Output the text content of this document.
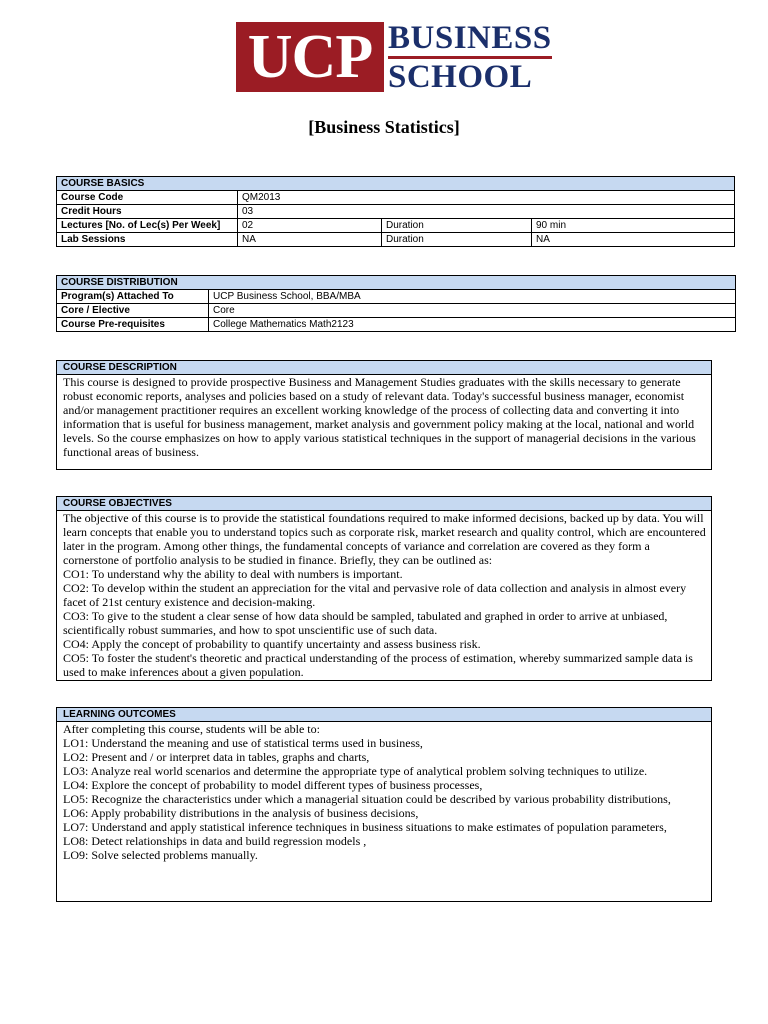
UCP BUSINESS
SCHOOL
[Business Statistics]
COURSE BASICS			
Course Code	QM2013		
Credit Hours	03		
Lectures [No. of Lec(s) Per Week]	02	Duration	90 min
Lab Sessions	NA	Duration	NA
COURSE DISTRIBUTION	
Program(s) Attached To	UCP Business School, BBA/MBA
Core / Elective	Core
Course Pre-requisites	College Mathematics Math2123
COURSE DESCRIPTION

This course is designed to provide prospective Business and Management Studies graduates with the skills necessary to generate robust economic reports, analyses and policies based on a study of relevant data. Today's successful business manager, economist and/or management practitioner requires an excellent working knowledge of the process of collecting data and converting it into information that is useful for business management, market analysis and government policy making at the local, national and world levels. So the course emphasizes on how to apply various statistical techniques in the support of managerial decisions in the various functional areas of business.

COURSE OBJECTIVES

The objective of this course is to provide the statistical foundations required to make informed decisions, backed up by data. You will learn concepts that enable you to understand topics such as corporate risk, market research and quality control, which are encountered later in the program. Among other things, the fundamental concepts of variance and correlation are covered as they form a cornerstone of portfolio analysis to be studied in finance. Briefly, they can be outlined as:

CO1: To understand why the ability to deal with numbers is important.

CO2: To develop within the student an appreciation for the vital and pervasive role of data collection and analysis in almost every facet of 21st century existence and decision-making.

CO3: To give to the student a clear sense of how data should be sampled, tabulated and graphed in order to arrive at unbiased, scientifically robust summaries, and how to spot unscientific use of such data.

CO4: Apply the concept of probability to quantify uncertainty and assess business risk.

CO5: To foster the student's theoretic and practical understanding of the process of estimation, whereby summarized sample data is used to make inferences about a given population.

LEARNING OUTCOMES

After completing this course, students will be able to:

LO1: Understand the meaning and use of statistical terms used in business,

LO2: Present and / or interpret data in tables, graphs and charts,

LO3: Analyze real world scenarios and determine the appropriate type of analytical problem solving techniques to utilize.

LO4: Explore the concept of probability to model different types of business processes,

LO5: Recognize the characteristics under which a managerial situation could be described by various probability distributions,

LO6: Apply probability distributions in the analysis of business decisions,

LO7: Understand and apply statistical inference techniques in business situations to make estimates of population parameters,

LO8: Detect relationships in data and build regression models ,

LO9: Solve selected problems manually.
